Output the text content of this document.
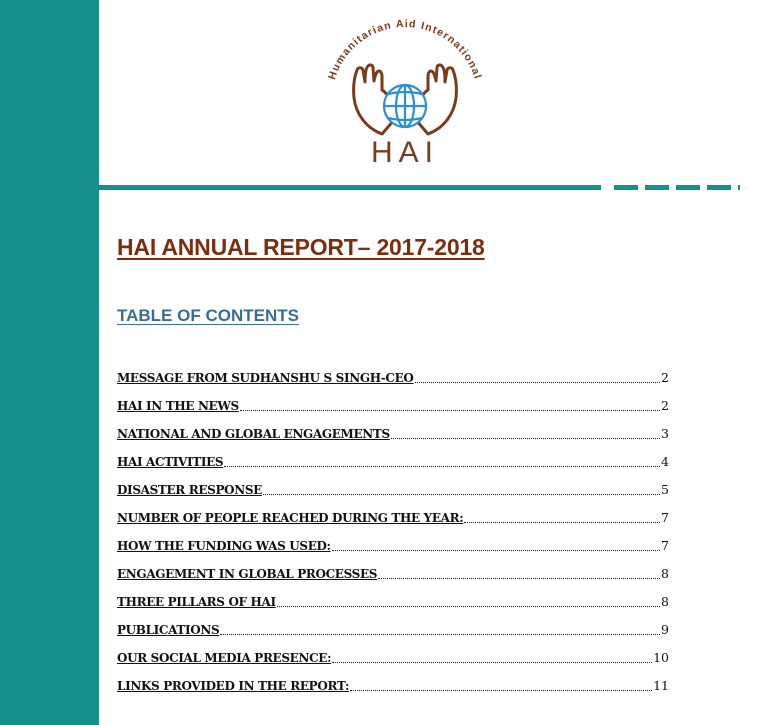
Humanitarian Aid International
HAI
HAI ANNUAL REPORT– 2017-2018
TABLE OF CONTENTS
MESSAGE FROM SUDHANSHU S SINGH-CEO	2
HAI IN THE NEWS	2
NATIONAL AND GLOBAL ENGAGEMENTS	3
HAI ACTIVITIES	4
DISASTER RESPONSE	5
NUMBER OF PEOPLE REACHED DURING THE YEAR:	7
HOW THE FUNDING WAS USED:	7
ENGAGEMENT IN GLOBAL PROCESSES	8
THREE PILLARS OF HAI	8
PUBLICATIONS	9
OUR SOCIAL MEDIA PRESENCE:	10
LINKS PROVIDED IN THE REPORT:	11
